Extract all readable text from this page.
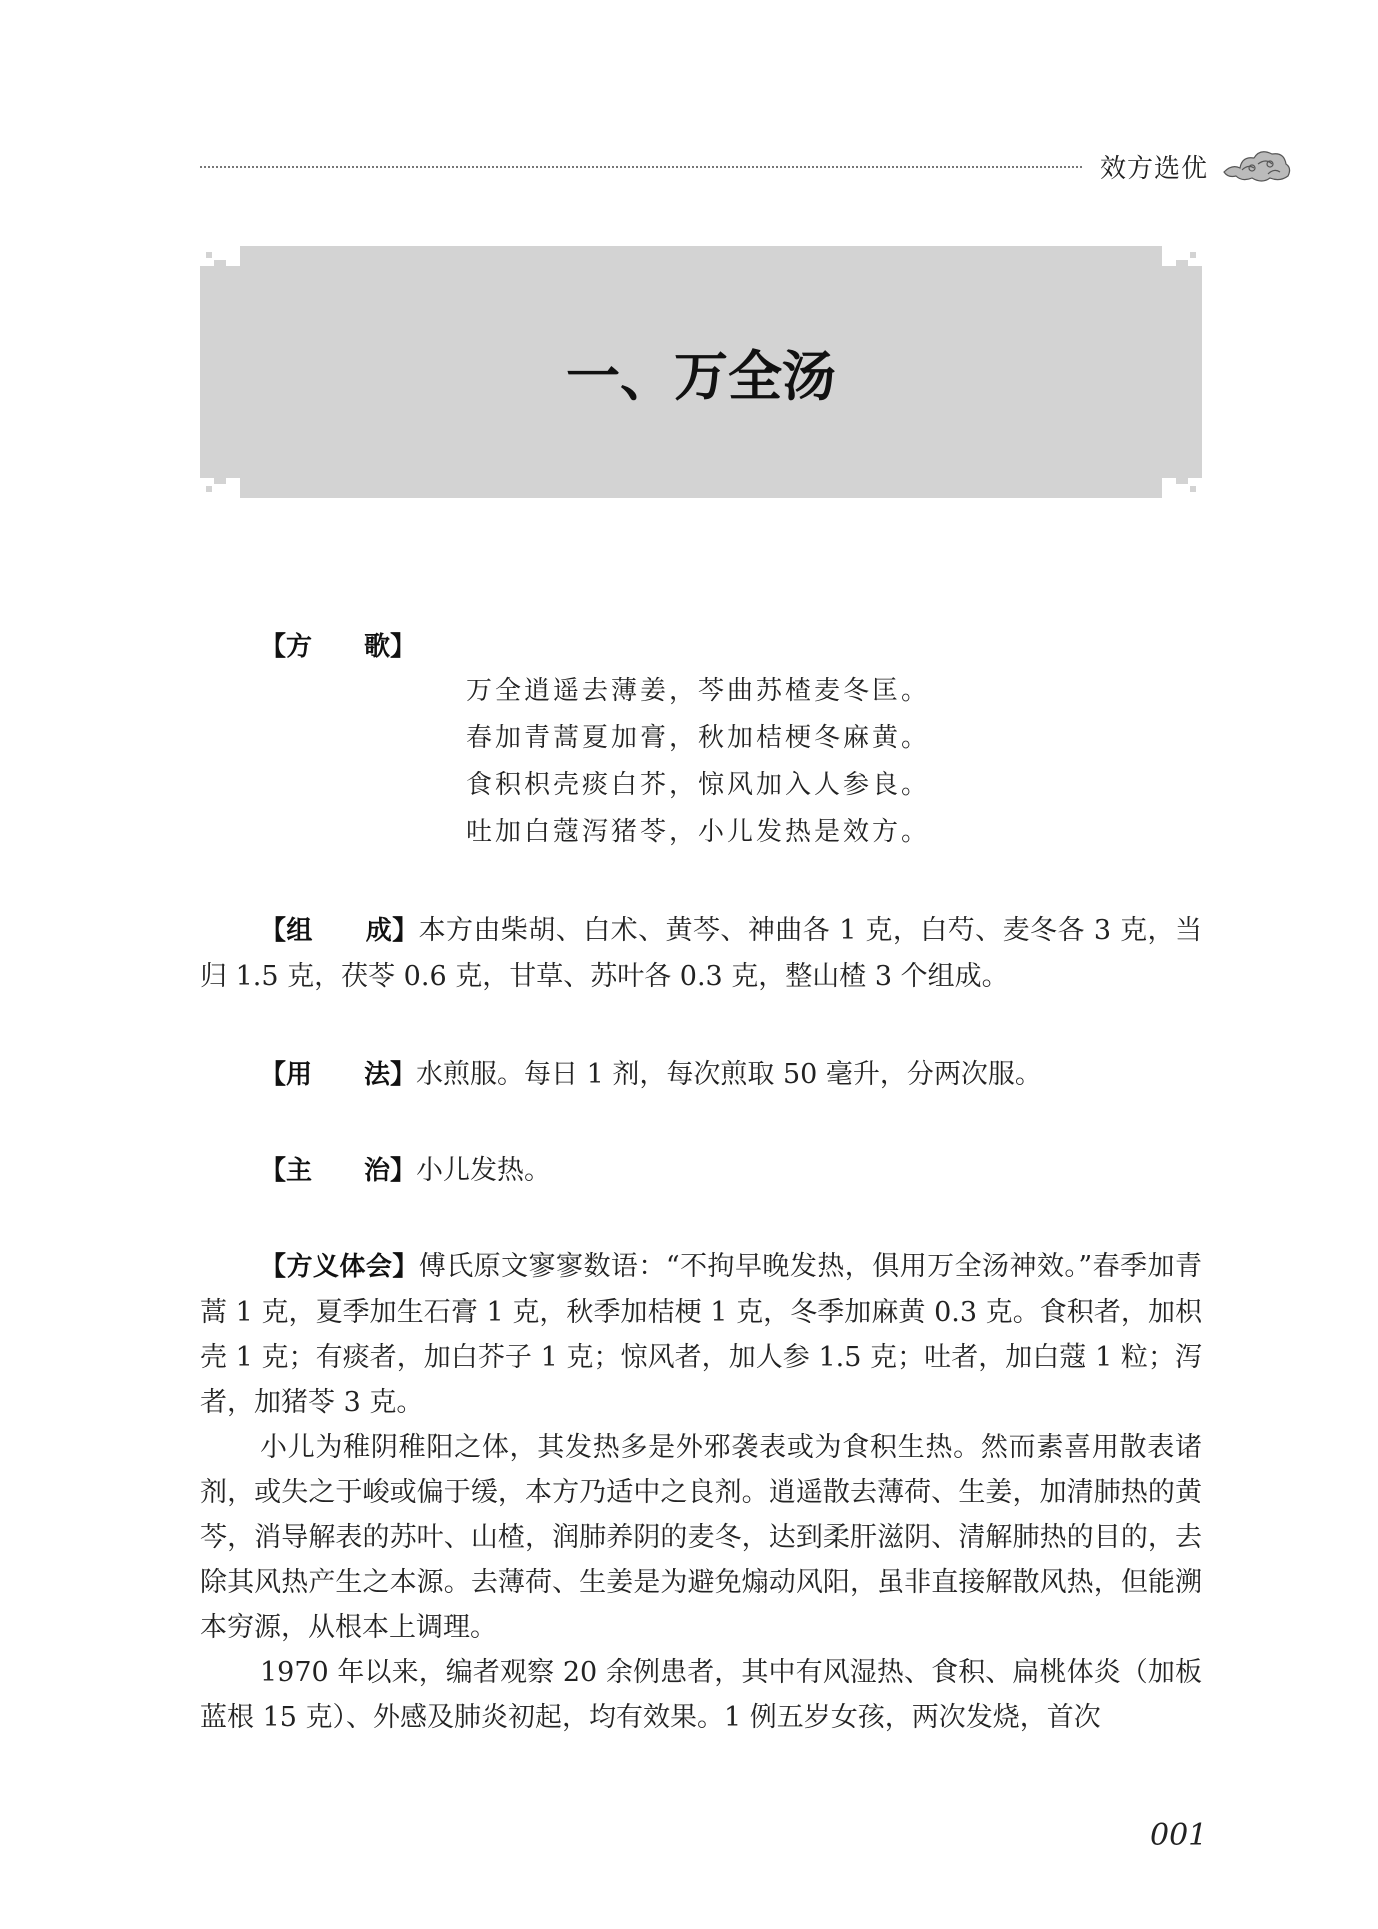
效方选优
一、万全汤
【方　　歌】
万全逍遥去薄姜，芩曲苏楂麦冬匡。
春加青蒿夏加膏，秋加桔梗冬麻黄。
食积枳壳痰白芥，惊风加入人参良。
吐加白蔻泻猪苓，小儿发热是效方。

【组　　成】本方由柴胡、白术、黄芩、神曲各 1 克，白芍、麦冬各 3 克，当归 1.5 克，茯苓 0.6 克，甘草、苏叶各 0.3 克，整山楂 3 个组成。

【用　　法】水煎服。每日 1 剂，每次煎取 50 毫升，分两次服。

【主　　治】小儿发热。

【方义体会】傅氏原文寥寥数语：“不拘早晚发热，俱用万全汤神效。”春季加青蒿 1 克，夏季加生石膏 1 克，秋季加桔梗 1 克，冬季加麻黄 0.3 克。食积者，加枳壳 1 克；有痰者，加白芥子 1 克；惊风者，加人参 1.5 克；吐者，加白蔻 1 粒；泻者，加猪苓 3 克。

小儿为稚阴稚阳之体，其发热多是外邪袭表或为食积生热。然而素喜用散表诸剂，或失之于峻或偏于缓，本方乃适中之良剂。逍遥散去薄荷、生姜，加清肺热的黄芩，消导解表的苏叶、山楂，润肺养阴的麦冬，达到柔肝滋阴、清解肺热的目的，去除其风热产生之本源。去薄荷、生姜是为避免煽动风阳，虽非直接解散风热，但能溯本穷源，从根本上调理。

1970 年以来，编者观察 20 余例患者，其中有风湿热、食积、扁桃体炎（加板蓝根 15 克）、外感及肺炎初起，均有效果。1 例五岁女孩，两次发烧，首次

001
